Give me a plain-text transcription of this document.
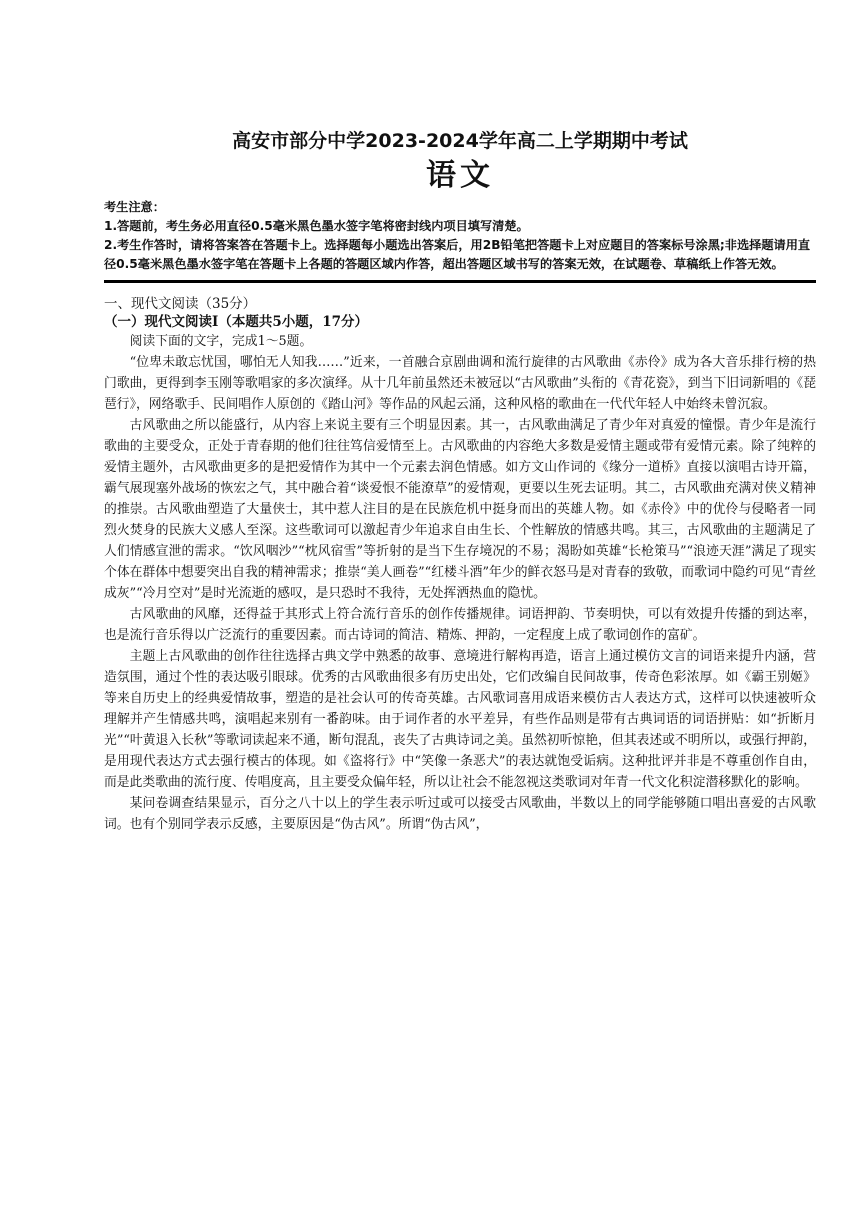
高安市部分中学2023-2024学年高二上学期期中考试
语文

考生注意：

1.答题前，考生务必用直径0.5毫米黑色墨水签字笔将密封线内项目填写清楚。

2.考生作答时，请将答案答在答题卡上。选择题每小题选出答案后，用2B铅笔把答题卡上对应题目的答案标号涂黑;非选择题请用直径0.5毫米黑色墨水签字笔在答题卡上各题的答题区域内作答，超出答题区域书写的答案无效，在试题卷、草稿纸上作答无效。

一、现代文阅读（35分）

（一）现代文阅读Ⅰ（本题共5小题，17分）

阅读下面的文字，完成1～5题。

“位卑未敢忘忧国，哪怕无人知我……”近来，一首融合京剧曲调和流行旋律的古风歌曲《赤伶》成为各大音乐排行榜的热门歌曲，更得到李玉刚等歌唱家的多次演绎。从十几年前虽然还未被冠以“古风歌曲”头衔的《青花瓷》，到当下旧词新唱的《琵琶行》，网络歌手、民间唱作人原创的《踏山河》等作品的风起云涌，这种风格的歌曲在一代代年轻人中始终未曾沉寂。

古风歌曲之所以能盛行，从内容上来说主要有三个明显因素。其一，古风歌曲满足了青少年对真爱的憧憬。青少年是流行歌曲的主要受众，正处于青春期的他们往往笃信爱情至上。古风歌曲的内容绝大多数是爱情主题或带有爱情元素。除了纯粹的爱情主题外，古风歌曲更多的是把爱情作为其中一个元素去润色情感。如方文山作词的《缘分一道桥》直接以演唱古诗开篇，霸气展现塞外战场的恢宏之气，其中融合着“谈爱恨不能潦草”的爱情观，更要以生死去证明。其二，古风歌曲充满对侠义精神的推崇。古风歌曲塑造了大量侠士，其中惹人注目的是在民族危机中挺身而出的英雄人物。如《赤伶》中的优伶与侵略者一同烈火焚身的民族大义感人至深。这些歌词可以激起青少年追求自由生长、个性解放的情感共鸣。其三，古风歌曲的主题满足了人们情感宣泄的需求。“饮风咽沙”“枕风宿雪”等折射的是当下生存境况的不易；渴盼如英雄“长枪策马”“浪迹天涯”满足了现实个体在群体中想要突出自我的精神需求；推崇“美人画卷”“红楼斗酒”年少的鲜衣怒马是对青春的致敬，而歌词中隐约可见“青丝成灰”“冷月空对”是时光流逝的感叹，是只恐时不我待，无处挥洒热血的隐忧。

古风歌曲的风靡，还得益于其形式上符合流行音乐的创作传播规律。词语押韵、节奏明快，可以有效提升传播的到达率，也是流行音乐得以广泛流行的重要因素。而古诗词的简洁、精炼、押韵，一定程度上成了歌词创作的富矿。

主题上古风歌曲的创作往往选择古典文学中熟悉的故事、意境进行解构再造，语言上通过模仿文言的词语来提升内涵，营造氛围，通过个性的表达吸引眼球。优秀的古风歌曲很多有历史出处，它们改编自民间故事，传奇色彩浓厚。如《霸王别姬》等来自历史上的经典爱情故事，塑造的是社会认可的传奇英雄。古风歌词喜用成语来模仿古人表达方式，这样可以快速被听众理解并产生情感共鸣，演唱起来别有一番韵味。由于词作者的水平差异，有些作品则是带有古典词语的词语拼贴：如“折断月光”“叶黄退入长秋”等歌词读起来不通，断句混乱，丧失了古典诗词之美。虽然初听惊艳，但其表述或不明所以，或强行押韵，是用现代表达方式去强行模古的体现。如《盗将行》中“笑像一条恶犬”的表达就饱受诟病。这种批评并非是不尊重创作自由，而是此类歌曲的流行度、传唱度高，且主要受众偏年轻，所以让社会不能忽视这类歌词对年青一代文化积淀潜移默化的影响。

某问卷调查结果显示，百分之八十以上的学生表示听过或可以接受古风歌曲，半数以上的同学能够随口唱出喜爱的古风歌词。也有个别同学表示反感，主要原因是“伪古风”。所谓“伪古风”，
